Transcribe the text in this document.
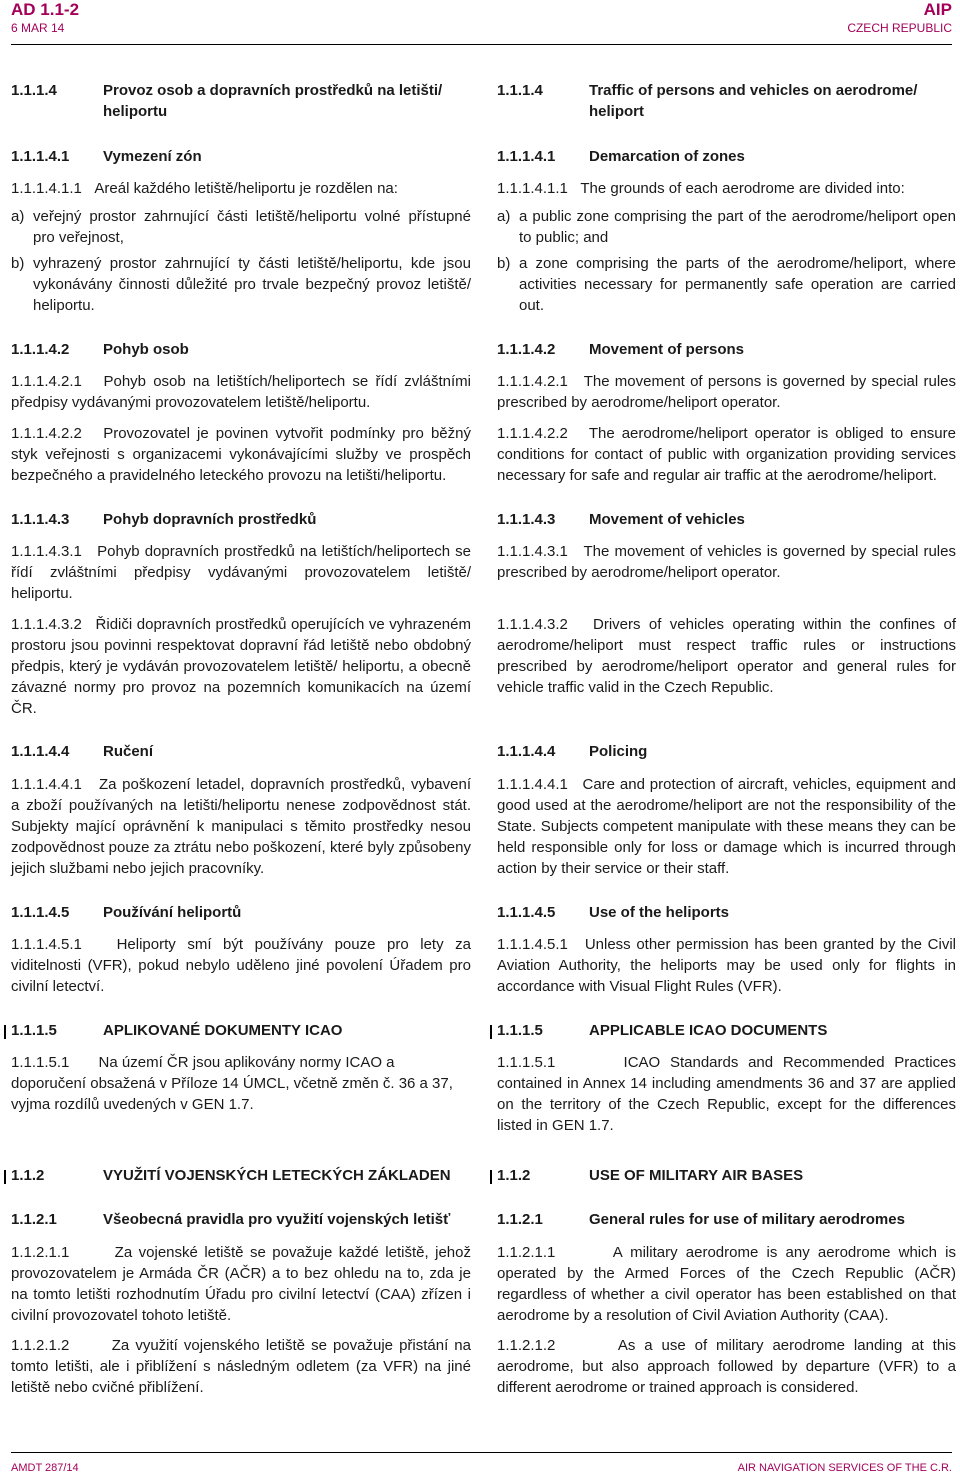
AD 1.1-2
6 MAR 14
AIP
CZECH REPUBLIC
1.1.1.4	Provoz osob a dopravních prostředků na letišti/ heliportu
1.1.1.4.1	Vymezení zón
1.1.1.4.1.1   Areál každého letiště/heliportu je rozdělen na:
a) veřejný prostor zahrnující části letiště/heliportu volné přístupné pro veřejnost,
b) vyhrazený prostor zahrnující ty části letiště/heliportu, kde jsou vykonávány činnosti důležité pro trvale bezpečný provoz letiště/ heliportu.
1.1.1.4.2	Pohyb osob
1.1.1.4.2.1   Pohyb osob na letištích/heliportech se řídí zvláštními předpisy vydávanými provozovatelem letiště/heliportu.
1.1.1.4.2.2   Provozovatel je povinen vytvořit podmínky pro běžný styk veřejnosti s organizacemi vykonávajícími služby ve prospěch bezpečného a pravidelného leteckého provozu na letišti/heliportu.
1.1.1.4.3	Pohyb dopravních prostředků
1.1.1.4.3.1   Pohyb dopravních prostředků na letištích/heliportech se řídí zvláštními předpisy vydávanými provozovatelem letiště/ heliportu.
1.1.1.4.3.2   Řidiči dopravních prostředků operujících ve vyhrazeném prostoru jsou povinni respektovat dopravní řád letiště nebo obdobný předpis, který je vydáván provozovatelem letiště/ heliportu, a obecně závazné normy pro provoz na pozemních komunikacích na území ČR.
1.1.1.4.4	Ručení
1.1.1.4.4.1   Za poškození letadel, dopravních prostředků, vybavení a zboží používaných na letišti/heliportu nenese zodpovědnost stát. Subjekty mající oprávnění k manipulaci s těmito prostředky nesou zodpovědnost pouze za ztrátu nebo poškození, které byly způsobeny jejich službami nebo jejich pracovníky.
1.1.1.4.5	Používání heliportů
1.1.1.4.5.1   Heliporty smí být používány pouze pro lety za viditelnosti (VFR), pokud nebylo uděleno jiné povolení Úřadem pro civilní letectví.
1.1.1.5	APLIKOVANÉ DOKUMENTY ICAO
1.1.1.5.1       Na území ČR jsou aplikovány normy ICAO a doporučení obsažená v Příloze 14 ÚMCL, včetně změn č. 36 a 37, vyjma rozdílů uvedených v GEN 1.7.
1.1.2	VYUŽITÍ VOJENSKÝCH LETECKÝCH ZÁKLADEN
1.1.2.1	Všeobecná pravidla pro využití vojenských letišť
1.1.2.1.1       Za vojenské letiště se považuje každé letiště, jehož provozovatelem je Armáda ČR (AČR) a to bez ohledu na to, zda je na tomto letišti rozhodnutím Úřadu pro civilní letectví (CAA) zřízen i civilní provozovatel tohoto letiště.
1.1.2.1.2       Za využití vojenského letiště se považuje přistání na tomto letišti, ale i přiblížení s následným odletem (za VFR) na jiné letiště nebo cvičné přiblížení.
1.1.1.4	Traffic of persons and vehicles on aerodrome/ heliport
1.1.1.4.1	Demarcation of zones
1.1.1.4.1.1   The grounds of each aerodrome are divided into:
a) a public zone comprising the part of the aerodrome/heliport open to public; and
b) a zone comprising the parts of the aerodrome/heliport, where activities necessary for permanently safe operation are carried out.
1.1.1.4.2	Movement of persons
1.1.1.4.2.1   The movement of persons is governed by special rules prescribed by aerodrome/heliport operator.
1.1.1.4.2.2   The aerodrome/heliport operator is obliged to ensure conditions for contact of public with organization providing services necessary for safe and regular air traffic at the aerodrome/heliport.
1.1.1.4.3	Movement of vehicles
1.1.1.4.3.1   The movement of vehicles is governed by special rules prescribed by aerodrome/heliport operator.
1.1.1.4.3.2   Drivers of vehicles operating within the confines of aerodrome/heliport must respect traffic rules or instructions prescribed by aerodrome/heliport operator and general rules for vehicle traffic valid in the Czech Republic.
1.1.1.4.4	Policing
1.1.1.4.4.1   Care and protection of aircraft, vehicles, equipment and good used at the aerodrome/heliport are not the responsibility of the State. Subjects competent manipulate with these means they can be held responsible only for loss or damage which is incurred through action by their service or their staff.
1.1.1.4.5	Use of the heliports
1.1.1.4.5.1   Unless other permission has been granted by the Civil Aviation Authority, the heliports may be used only for flights in accordance with Visual Flight Rules (VFR).
1.1.1.5	APPLICABLE ICAO DOCUMENTS
1.1.1.5.1       ICAO Standards and Recommended Practices contained in Annex 14 including amendments 36 and 37 are applied on the territory of the Czech Republic, except for the differences listed in GEN 1.7.
1.1.2	USE OF MILITARY AIR BASES
1.1.2.1	General rules for use of military aerodromes
1.1.2.1.1       A military aerodrome is any aerodrome which is operated by the Armed Forces of the Czech Republic (AČR) regardless of whether a civil operator has been established on that aerodrome by a resolution of Civil Aviation Authority (CAA).
1.1.2.1.2       As a use of military aerodrome landing at this aerodrome, but also approach followed by departure (VFR) to a different aerodrome or trained approach is considered.
AMDT 287/14	AIR NAVIGATION SERVICES OF THE C.R.
